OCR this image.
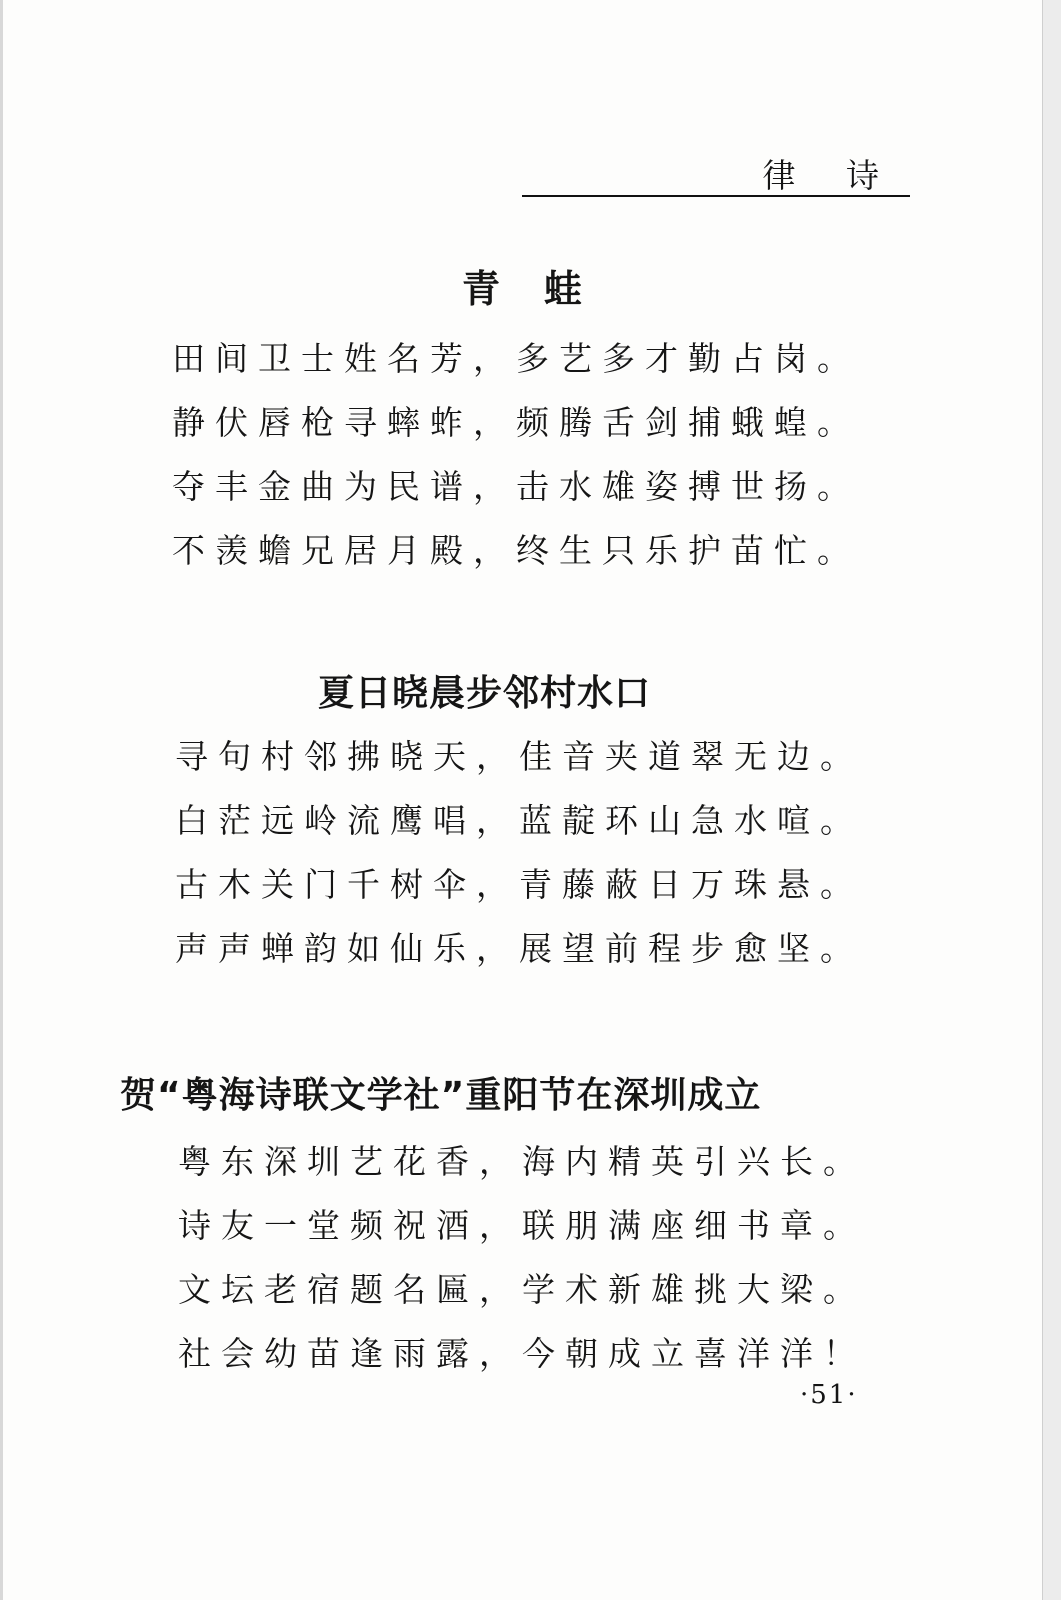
律 诗
青蛙
田间卫士姓名芳，多艺多才勤占岗。
静伏唇枪寻蟀蚱，频腾舌剑捕蛾蝗。
夺丰金曲为民谱，击水雄姿搏世扬。
不羡蟾兄居月殿，终生只乐护苗忙。
夏日晓晨步邻村水口
寻句村邻拂晓天，佳音夹道翠无边。
白茫远岭流鹰唱，蓝靛环山急水喧。
古木关门千树伞，青藤蔽日万珠悬。
声声蝉韵如仙乐，展望前程步愈坚。
贺“粤海诗联文学社”重阳节在深圳成立
粤东深圳艺花香，海内精英引兴长。
诗友一堂频祝酒，联朋满座细书章。
文坛老宿题名匾，学术新雄挑大梁。
社会幼苗逢雨露，今朝成立喜洋洋！
·51·
